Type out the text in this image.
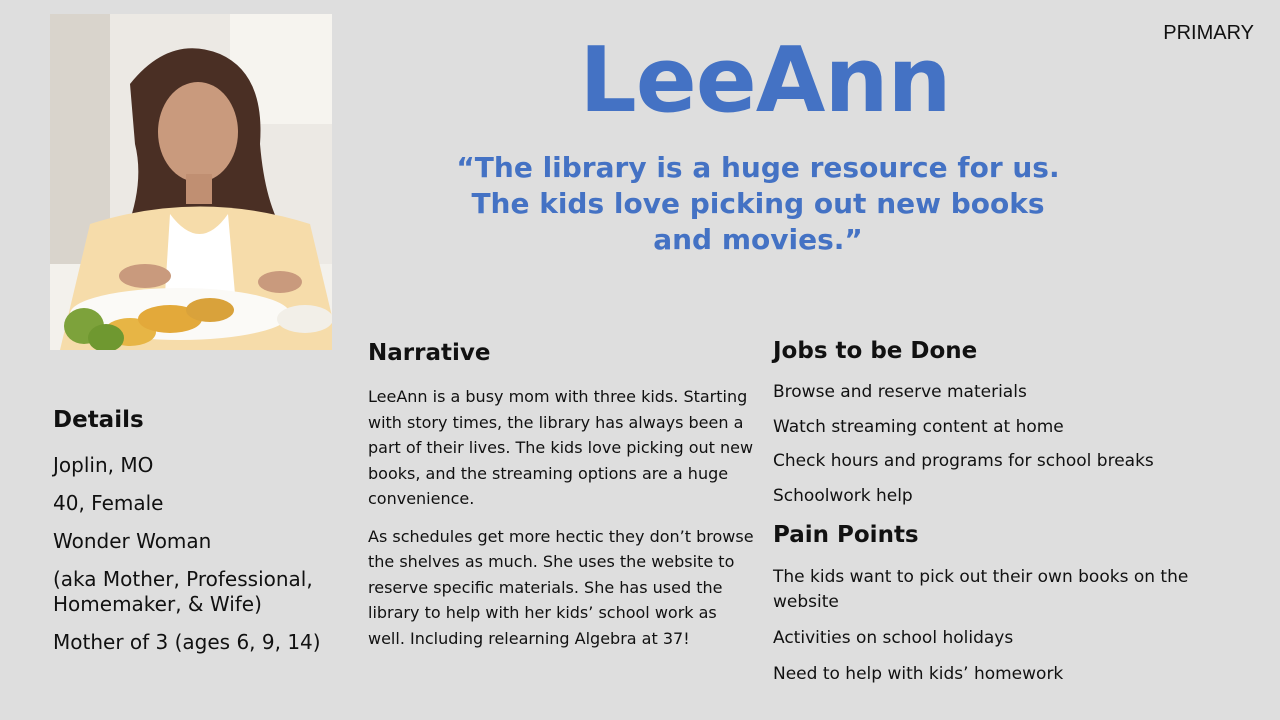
PRIMARY
LeeAnn
“The library is a huge resource for us. The kids love picking out new books and movies.”
Details
Joplin, MO
40, Female
Wonder Woman
(aka Mother, Professional, Homemaker, & Wife)
Mother of 3 (ages 6, 9, 14)
Narrative

LeeAnn is a busy mom with three kids. Starting with story times, the library has always been a part of their lives. The kids love picking out new books, and the streaming options are a huge convenience.

As schedules get more hectic they don’t browse the shelves as much. She uses the website to reserve specific materials. She has used the library to help with her kids’ school work as well. Including relearning Algebra at 37!

Jobs to be Done
Browse and reserve materials
Watch streaming content at home
Check hours and programs for school breaks
Schoolwork help
Pain Points
The kids want to pick out their own books on the website
Activities on school holidays
Need to help with kids’ homework
